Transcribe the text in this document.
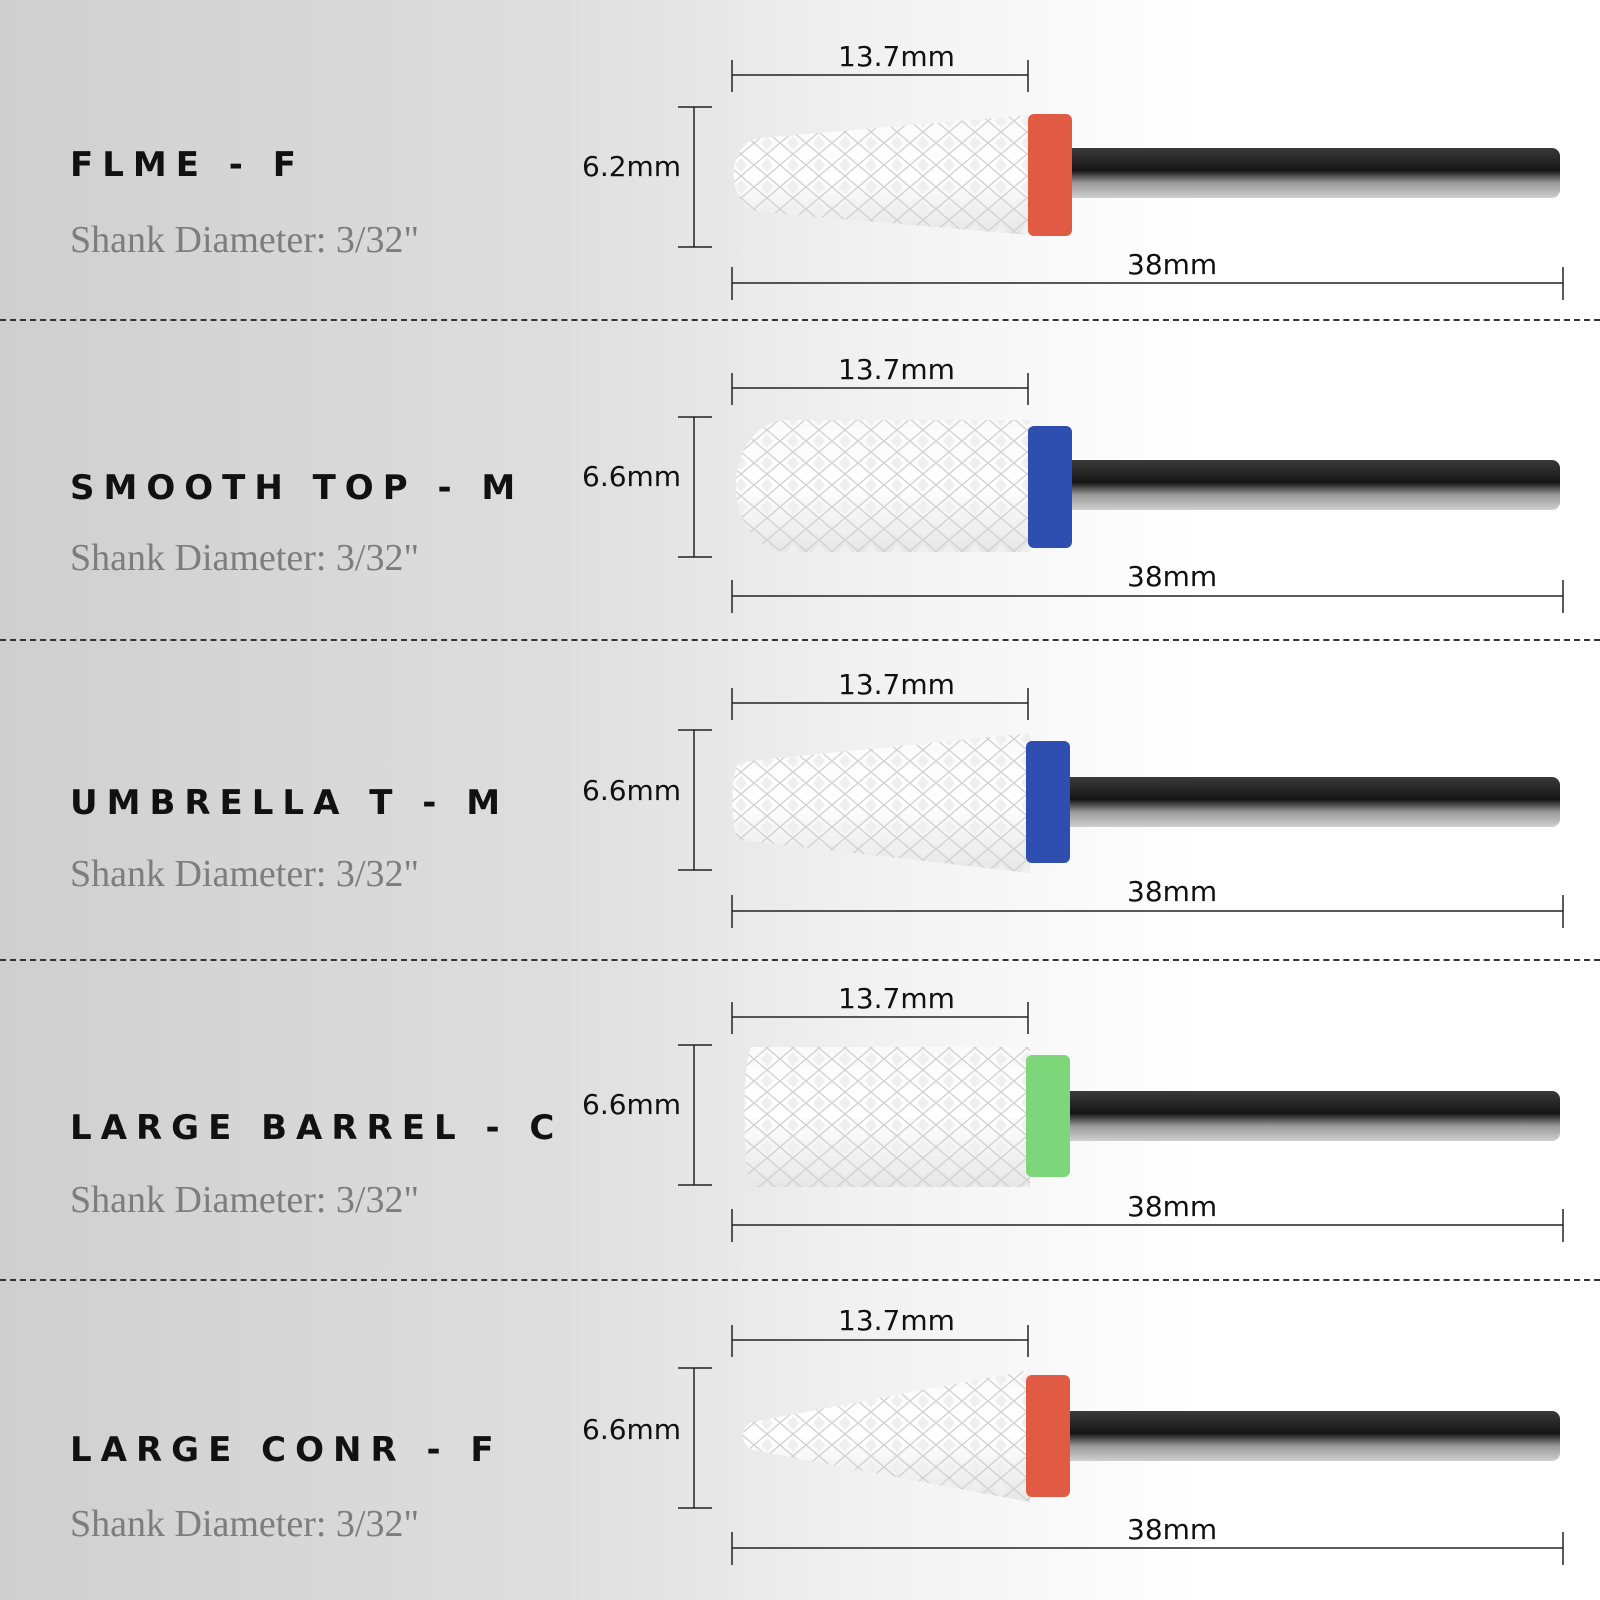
FLME - F
Shank Diameter: 3/32"
13.7mm
6.2mm
38mm
SMOOTH TOP - M
Shank Diameter: 3/32"
13.7mm
6.6mm
38mm
UMBRELLA T - M
Shank Diameter: 3/32"
13.7mm
6.6mm
38mm
LARGE BARREL - C
Shank Diameter: 3/32"
13.7mm
6.6mm
38mm
LARGE CONR - F
Shank Diameter: 3/32"
13.7mm
6.6mm
38mm
